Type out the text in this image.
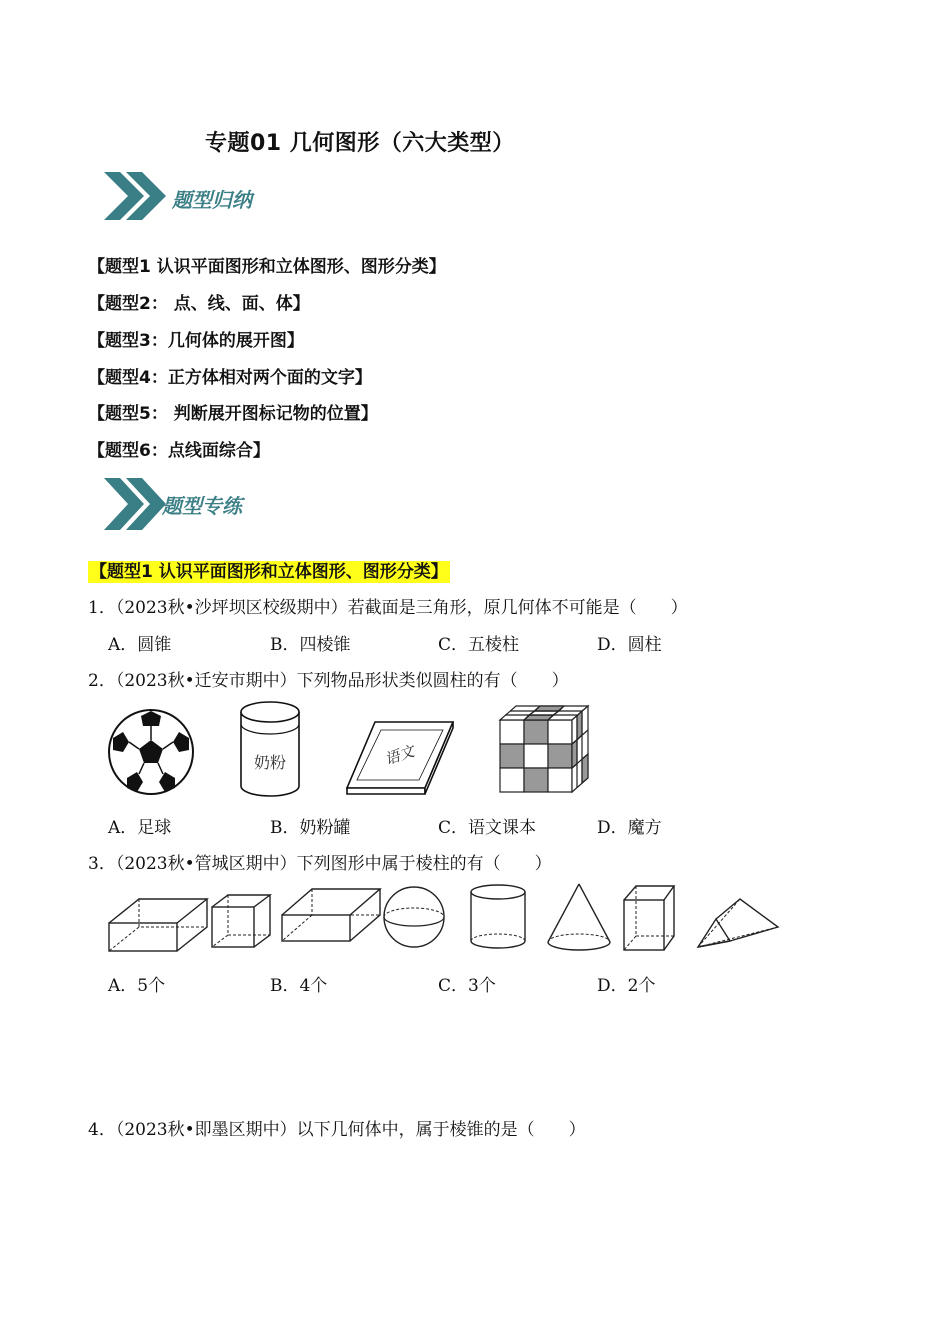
专题01 几何图形（六大类型）
题型归纳
【题型1 认识平面图形和立体图形、图形分类】
【题型2： 点、线、面、体】
【题型3：几何体的展开图】
【题型4：正方体相对两个面的文字】
【题型5： 判断展开图标记物的位置】
【题型6：点线面综合】
题型专练
【题型1 认识平面图形和立体图形、图形分类】
1．（2023秋•沙坪坝区校级期中）若截面是三角形，原几何体不可能是（　　）
A．圆锥	B．四棱锥	C．五棱柱	D．圆柱
2．（2023秋•迁安市期中）下列物品形状类似圆柱的有（　　）
奶粉	语文
A．足球	B．奶粉罐	C．语文课本	D．魔方
3．（2023秋•管城区期中）下列图形中属于棱柱的有（　　）
A．5个	B．4个	C．3个	D．2个
4．（2023秋•即墨区期中）以下几何体中，属于棱锥的是（　　）
